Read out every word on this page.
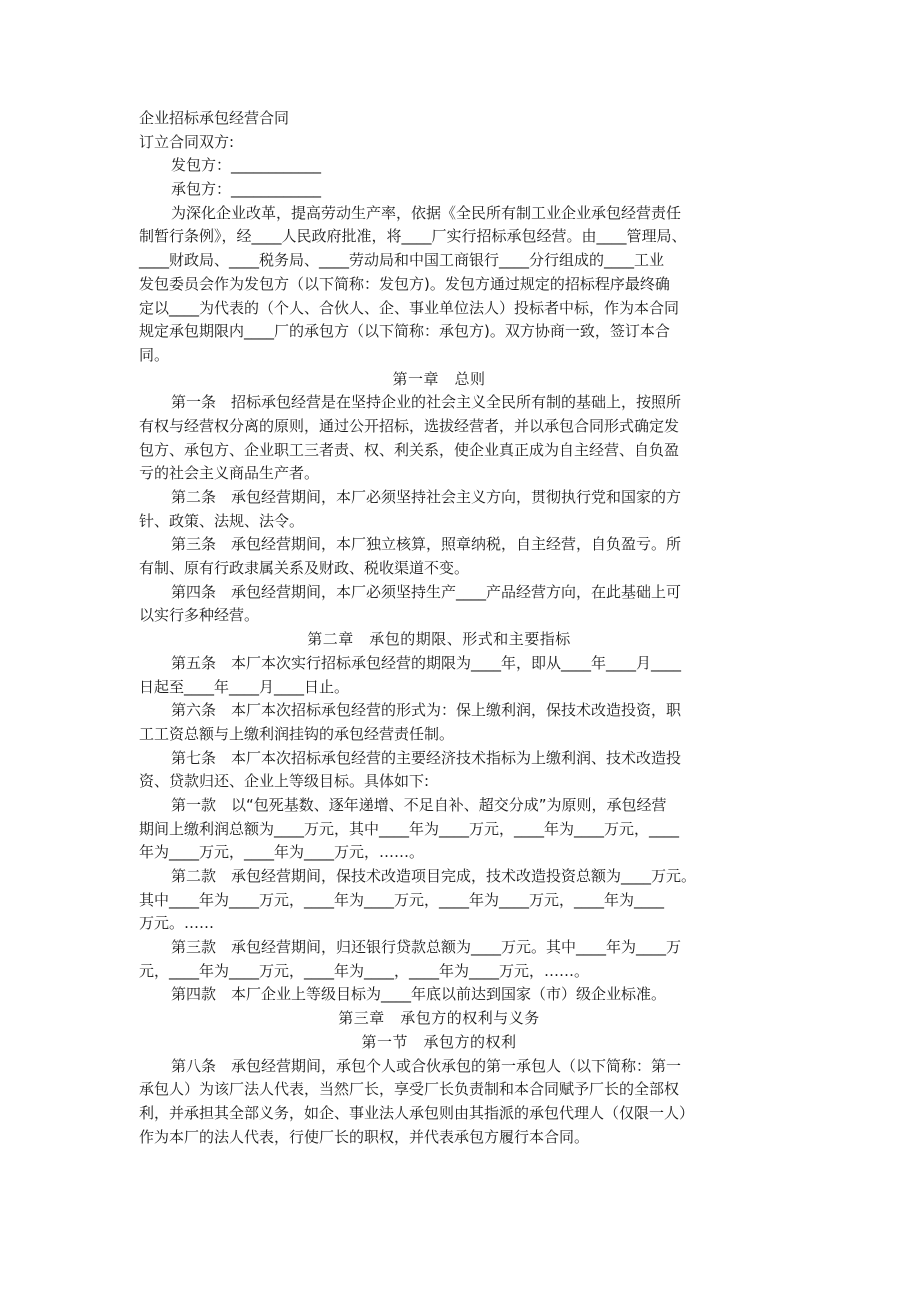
企业招标承包经营合同
订立合同双方:
发包方：____________
承包方：____________
为深化企业改革，提高劳动生产率，依据《全民所有制工业企业承包经营责任
制暂行条例》，经____人民政府批准，将____厂实行招标承包经营。由____管理局、
____财政局、____税务局、____劳动局和中国工商银行____分行组成的____工业
发包委员会作为发包方（以下简称：发包方)。发包方通过规定的招标程序最终确
定以____为代表的（个人、合伙人、企、事业单位法人）投标者中标，作为本合同
规定承包期限内____厂的承包方（以下简称：承包方)。双方协商一致，签订本合
同。
第一章　总则
第一条　招标承包经营是在坚持企业的社会主义全民所有制的基础上，按照所
有权与经营权分离的原则，通过公开招标，选拔经营者，并以承包合同形式确定发
包方、承包方、企业职工三者责、权、利关系，使企业真正成为自主经营、自负盈
亏的社会主义商品生产者。
第二条　承包经营期间，本厂必须坚持社会主义方向，贯彻执行党和国家的方
针、政策、法规、法令。
第三条　承包经营期间，本厂独立核算，照章纳税，自主经营，自负盈亏。所
有制、原有行政隶属关系及财政、税收渠道不变。
第四条　承包经营期间，本厂必须坚持生产____产品经营方向，在此基础上可
以实行多种经营。
第二章　承包的期限、形式和主要指标
第五条　本厂本次实行招标承包经营的期限为____年，即从____年____月____
日起至____年____月____日止。
第六条　本厂本次招标承包经营的形式为：保上缴利润，保技术改造投资，职
工工资总额与上缴利润挂钩的承包经营责任制。
第七条　本厂本次招标承包经营的主要经济技术指标为上缴利润、技术改造投
资、贷款归还、企业上等级目标。具体如下:
第一款　以“包死基数、逐年递增、不足自补、超交分成”为原则，承包经营
期间上缴利润总额为____万元，其中____年为____万元，____年为____万元，____
年为____万元，____年为____万元，……。
第二款　承包经营期间，保技术改造项目完成，技术改造投资总额为____万元。
其中____年为____万元，____年为____万元，____年为____万元，____年为____
万元。……
第三款　承包经营期间，归还银行贷款总额为____万元。其中____年为____万
元，____年为____万元，____年为____，____年为____万元，……。
第四款　本厂企业上等级目标为____年底以前达到国家（市）级企业标准。
第三章　承包方的权利与义务
第一节　承包方的权利
第八条　承包经营期间，承包个人或合伙承包的第一承包人（以下简称：第一
承包人）为该厂法人代表，当然厂长，享受厂长负责制和本合同赋予厂长的全部权
利，并承担其全部义务，如企、事业法人承包则由其指派的承包代理人（仅限一人）
作为本厂的法人代表，行使厂长的职权，并代表承包方履行本合同。
